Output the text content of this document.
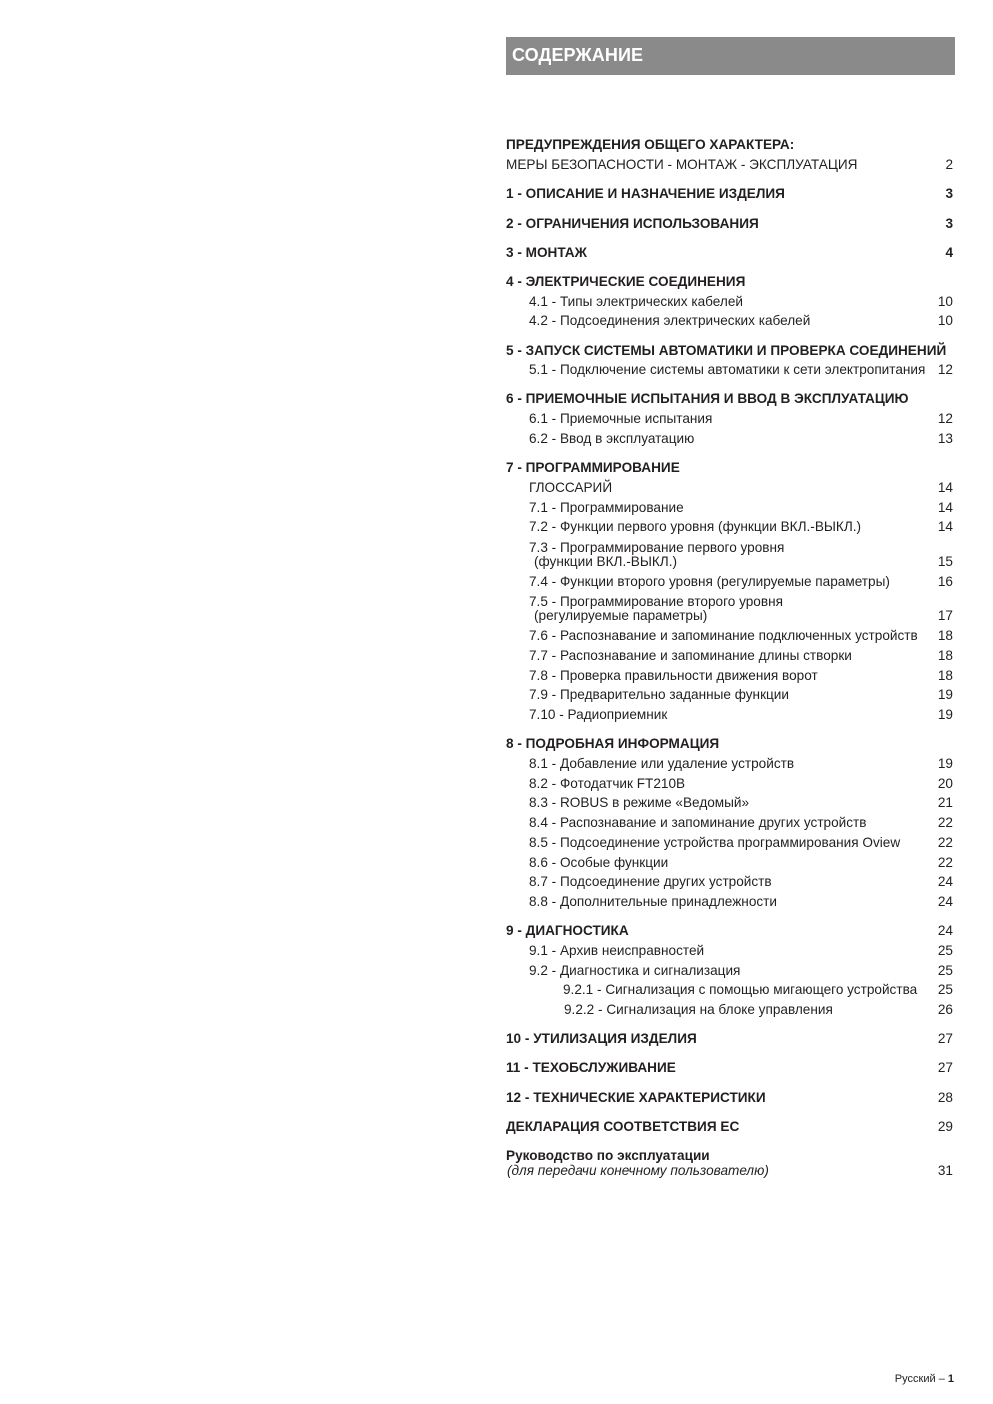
СОДЕРЖАНИЕ
ПРЕДУПРЕЖДЕНИЯ ОБЩЕГО ХАРАКТЕРА:
МЕРЫ БЕЗОПАСНОСТИ - МОНТАЖ - ЭКСПЛУАТАЦИЯ	2
1 - ОПИСАНИЕ И НАЗНАЧЕНИЕ ИЗДЕЛИЯ	3
2 - ОГРАНИЧЕНИЯ ИСПОЛЬЗОВАНИЯ	3
3 - МОНТАЖ	4
4 - ЭЛЕКТРИЧЕСКИЕ СОЕДИНЕНИЯ
4.1 - Типы электрических кабелей	10
4.2 - Подсоединения электрических кабелей	10
5 - ЗАПУСК СИСТЕМЫ АВТОМАТИКИ И ПРОВЕРКА СОЕДИНЕНИЙ
5.1 - Подключение системы автоматики к сети электропитания 12
6 - ПРИЕМОЧНЫЕ ИСПЫТАНИЯ И ВВОД В ЭКСПЛУАТАЦИЮ
6.1 - Приемочные испытания	12
6.2 - Ввод в эксплуатацию	13
7 - ПРОГРАММИРОВАНИЕ
ГЛОССАРИЙ	14
7.1 - Программирование	14
7.2 - Функции первого уровня (функции ВКЛ.-ВЫКЛ.)	14
7.3 - Программирование первого уровня
(функции ВКЛ.-ВЫКЛ.)	15
7.4 - Функции второго уровня (регулируемые параметры)	16
7.5 - Программирование второго уровня
(регулируемые параметры)	17
7.6 - Распознавание и запоминание подключенных устройств 18
7.7 - Распознавание и запоминание длины створки	18
7.8 - Проверка правильности движения ворот	18
7.9 - Предварительно заданные функции	19
7.10 - Радиоприемник	19
8 - ПОДРОБНАЯ ИНФОРМАЦИЯ
8.1 - Добавление или удаление устройств	19
8.2 - Фотодатчик FT210B	20
8.3 - ROBUS в режиме «Ведомый»	21
8.4 - Распознавание и запоминание других устройств	22
8.5 - Подсоединение устройства программирования Oview	22
8.6 - Особые функции	22
8.7 - Подсоединение других устройств	24
8.8 - Дополнительные принадлежности	24
9 - ДИАГНОСТИКА	24
9.1 - Архив неисправностей	25
9.2 - Диагностика и сигнализация	25
9.2.1 - Сигнализация с помощью мигающего устройства 25
9.2.2 - Сигнализация на блоке управления	26
10 - УТИЛИЗАЦИЯ ИЗДЕЛИЯ	27
11 - ТЕХОБСЛУЖИВАНИЕ	27
12 - ТЕХНИЧЕСКИЕ ХАРАКТЕРИСТИКИ	28
ДЕКЛАРАЦИЯ СООТВЕТСТВИЯ ЕС	29
Руководство по эксплуатации
(для передачи конечному пользователю)	31
Русский – 1
